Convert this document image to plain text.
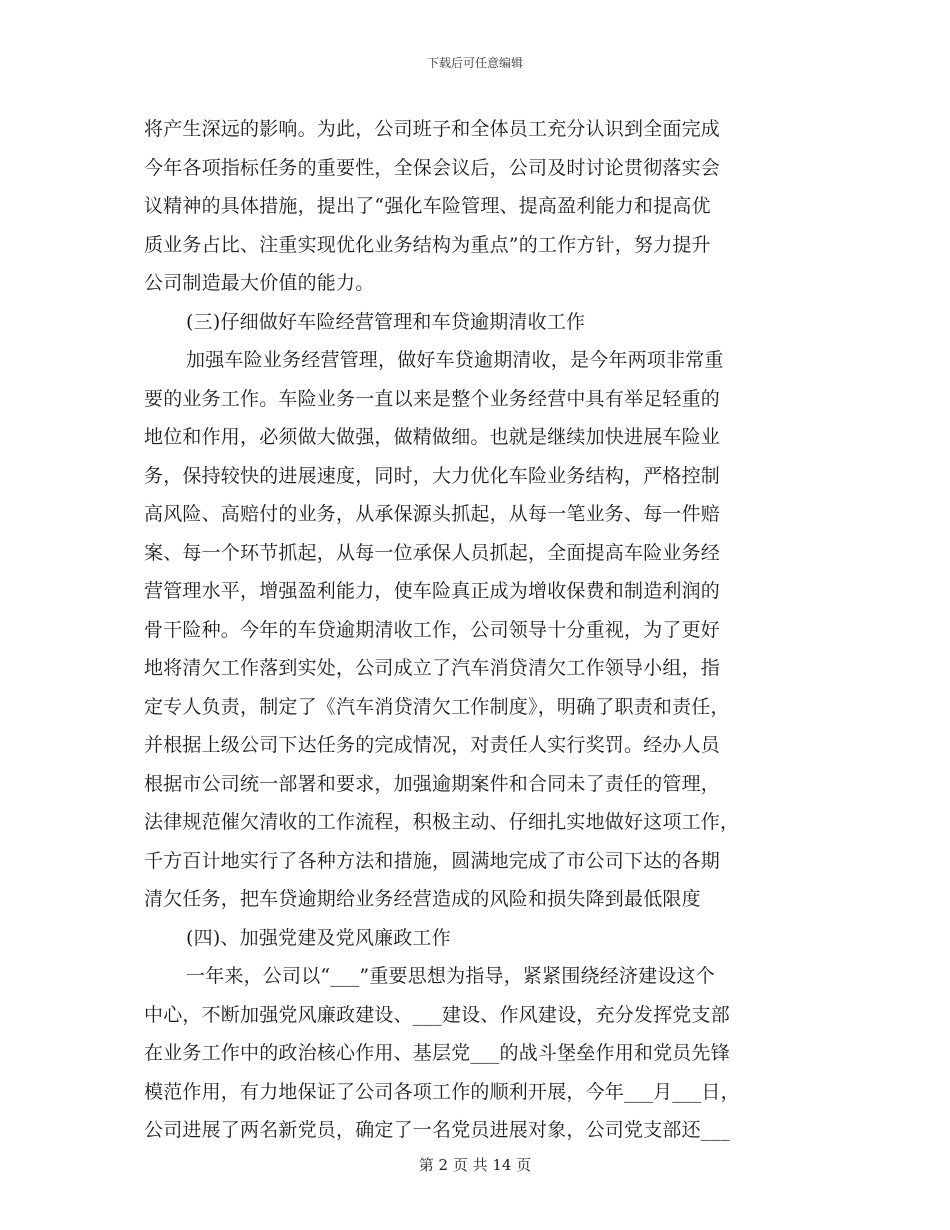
下载后可任意编辑
将产生深远的影响。为此，公司班子和全体员工充分认识到全面完成
今年各项指标任务的重要性，全保会议后，公司及时讨论贯彻落实会
议精神的具体措施，提出了“强化车险管理、提高盈利能力和提高优
质业务占比、注重实现优化业务结构为重点”的工作方针，努力提升
公司制造最大价值的能力。
(三)仔细做好车险经营管理和车贷逾期清收工作
加强车险业务经营管理，做好车贷逾期清收，是今年两项非常重
要的业务工作。车险业务一直以来是整个业务经营中具有举足轻重的
地位和作用，必须做大做强，做精做细。也就是继续加快进展车险业
务，保持较快的进展速度，同时，大力优化车险业务结构，严格控制
高风险、高赔付的业务，从承保源头抓起，从每一笔业务、每一件赔
案、每一个环节抓起，从每一位承保人员抓起，全面提高车险业务经
营管理水平，增强盈利能力，使车险真正成为增收保费和制造利润的
骨干险种。今年的车贷逾期清收工作，公司领导十分重视，为了更好
地将清欠工作落到实处，公司成立了汽车消贷清欠工作领导小组，指
定专人负责，制定了《汽车消贷清欠工作制度》，明确了职责和责任，
并根据上级公司下达任务的完成情况，对责任人实行奖罚。经办人员
根据市公司统一部署和要求，加强逾期案件和合同未了责任的管理，
法律规范催欠清收的工作流程，积极主动、仔细扎实地做好这项工作，
千方百计地实行了各种方法和措施，圆满地完成了市公司下达的各期
清欠任务，把车贷逾期给业务经营造成的风险和损失降到最低限度
(四)、加强党建及党风廉政工作
一年来，公司以“___”重要思想为指导，紧紧围绕经济建设这个
中心，不断加强党风廉政建设、___建设、作风建设，充分发挥党支部
在业务工作中的政治核心作用、基层党___的战斗堡垒作用和党员先锋
模范作用，有力地保证了公司各项工作的顺利开展，今年___月___日，
公司进展了两名新党员，确定了一名党员进展对象，公司党支部还___
第 2 页 共 14 页
